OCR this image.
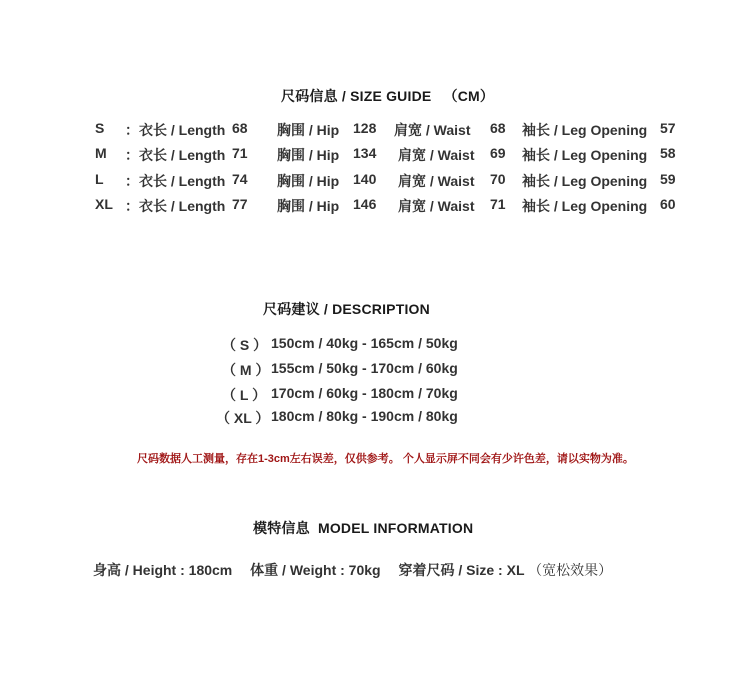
尺码信息 / SIZE GUIDE （CM）
S ：衣长 / Length 68 胸围 / Hip 128 肩宽 / Waist 68 袖长 / Leg Opening 57
M ：衣长 / Length 71 胸围 / Hip 134 肩宽 / Waist 69 袖长 / Leg Opening 58
L ：衣长 / Length 74 胸围 / Hip 140 肩宽 / Waist 70 袖长 / Leg Opening 59
XL ：衣长 / Length 77 胸围 / Hip 146 肩宽 / Waist 71 袖长 / Leg Opening 60
尺码建议 / DESCRIPTION
（ S ） 150cm / 40kg - 165cm / 50kg
（ M ） 155cm / 50kg - 170cm / 60kg
（ L ） 170cm / 60kg - 180cm / 70kg
（ XL ） 180cm / 80kg - 190cm / 80kg
尺码数据人工测量，存在1-3cm左右误差，仅供参考。 个人显示屏不同会有少许色差，请以实物为准。
模特信息  MODEL INFORMATION
身高 / Height : 180cm 体重 / Weight : 70kg 穿着尺码 / Size : XL （宽松效果）
